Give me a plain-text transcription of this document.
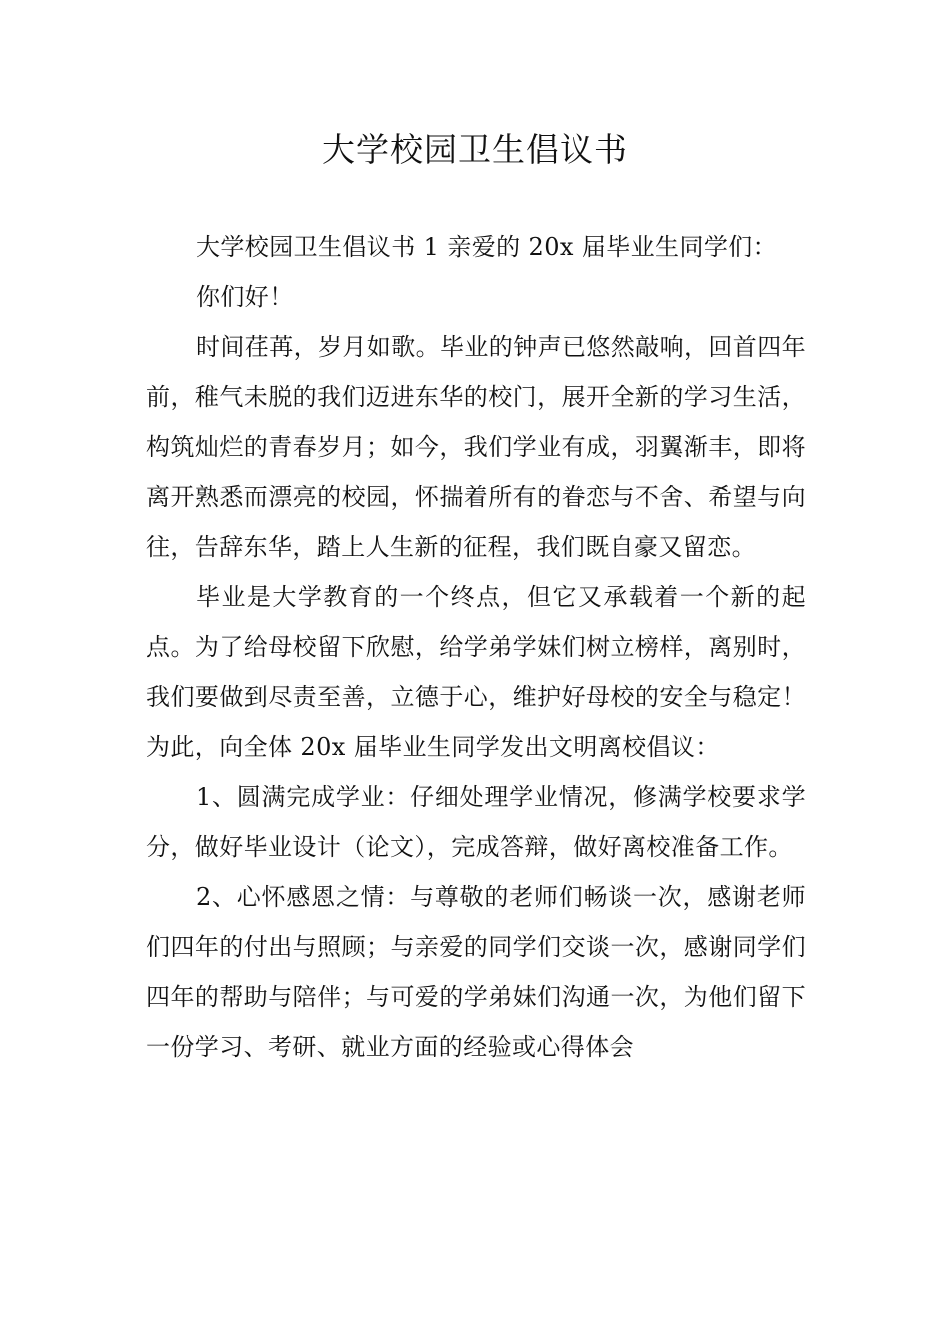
大学校园卫生倡议书

大学校园卫生倡议书 1 亲爱的 20x 届毕业生同学们：

你们好！

时间荏苒，岁月如歌。毕业的钟声已悠然敲响，回首四年前，稚气未脱的我们迈进东华的校门，展开全新的学习生活，构筑灿烂的青春岁月；如今，我们学业有成，羽翼渐丰，即将离开熟悉而漂亮的校园，怀揣着所有的眷恋与不舍、希望与向往，告辞东华，踏上人生新的征程，我们既自豪又留恋。

毕业是大学教育的一个终点，但它又承载着一个新的起点。为了给母校留下欣慰，给学弟学妹们树立榜样，离别时，我们要做到尽责至善，立德于心，维护好母校的安全与稳定！为此，向全体 20x 届毕业生同学发出文明离校倡议：

1、圆满完成学业：仔细处理学业情况，修满学校要求学分，做好毕业设计（论文），完成答辩，做好离校准备工作。

2、心怀感恩之情：与尊敬的老师们畅谈一次，感谢老师们四年的付出与照顾；与亲爱的同学们交谈一次，感谢同学们四年的帮助与陪伴；与可爱的学弟妹们沟通一次，为他们留下一份学习、考研、就业方面的经验或心得体会
